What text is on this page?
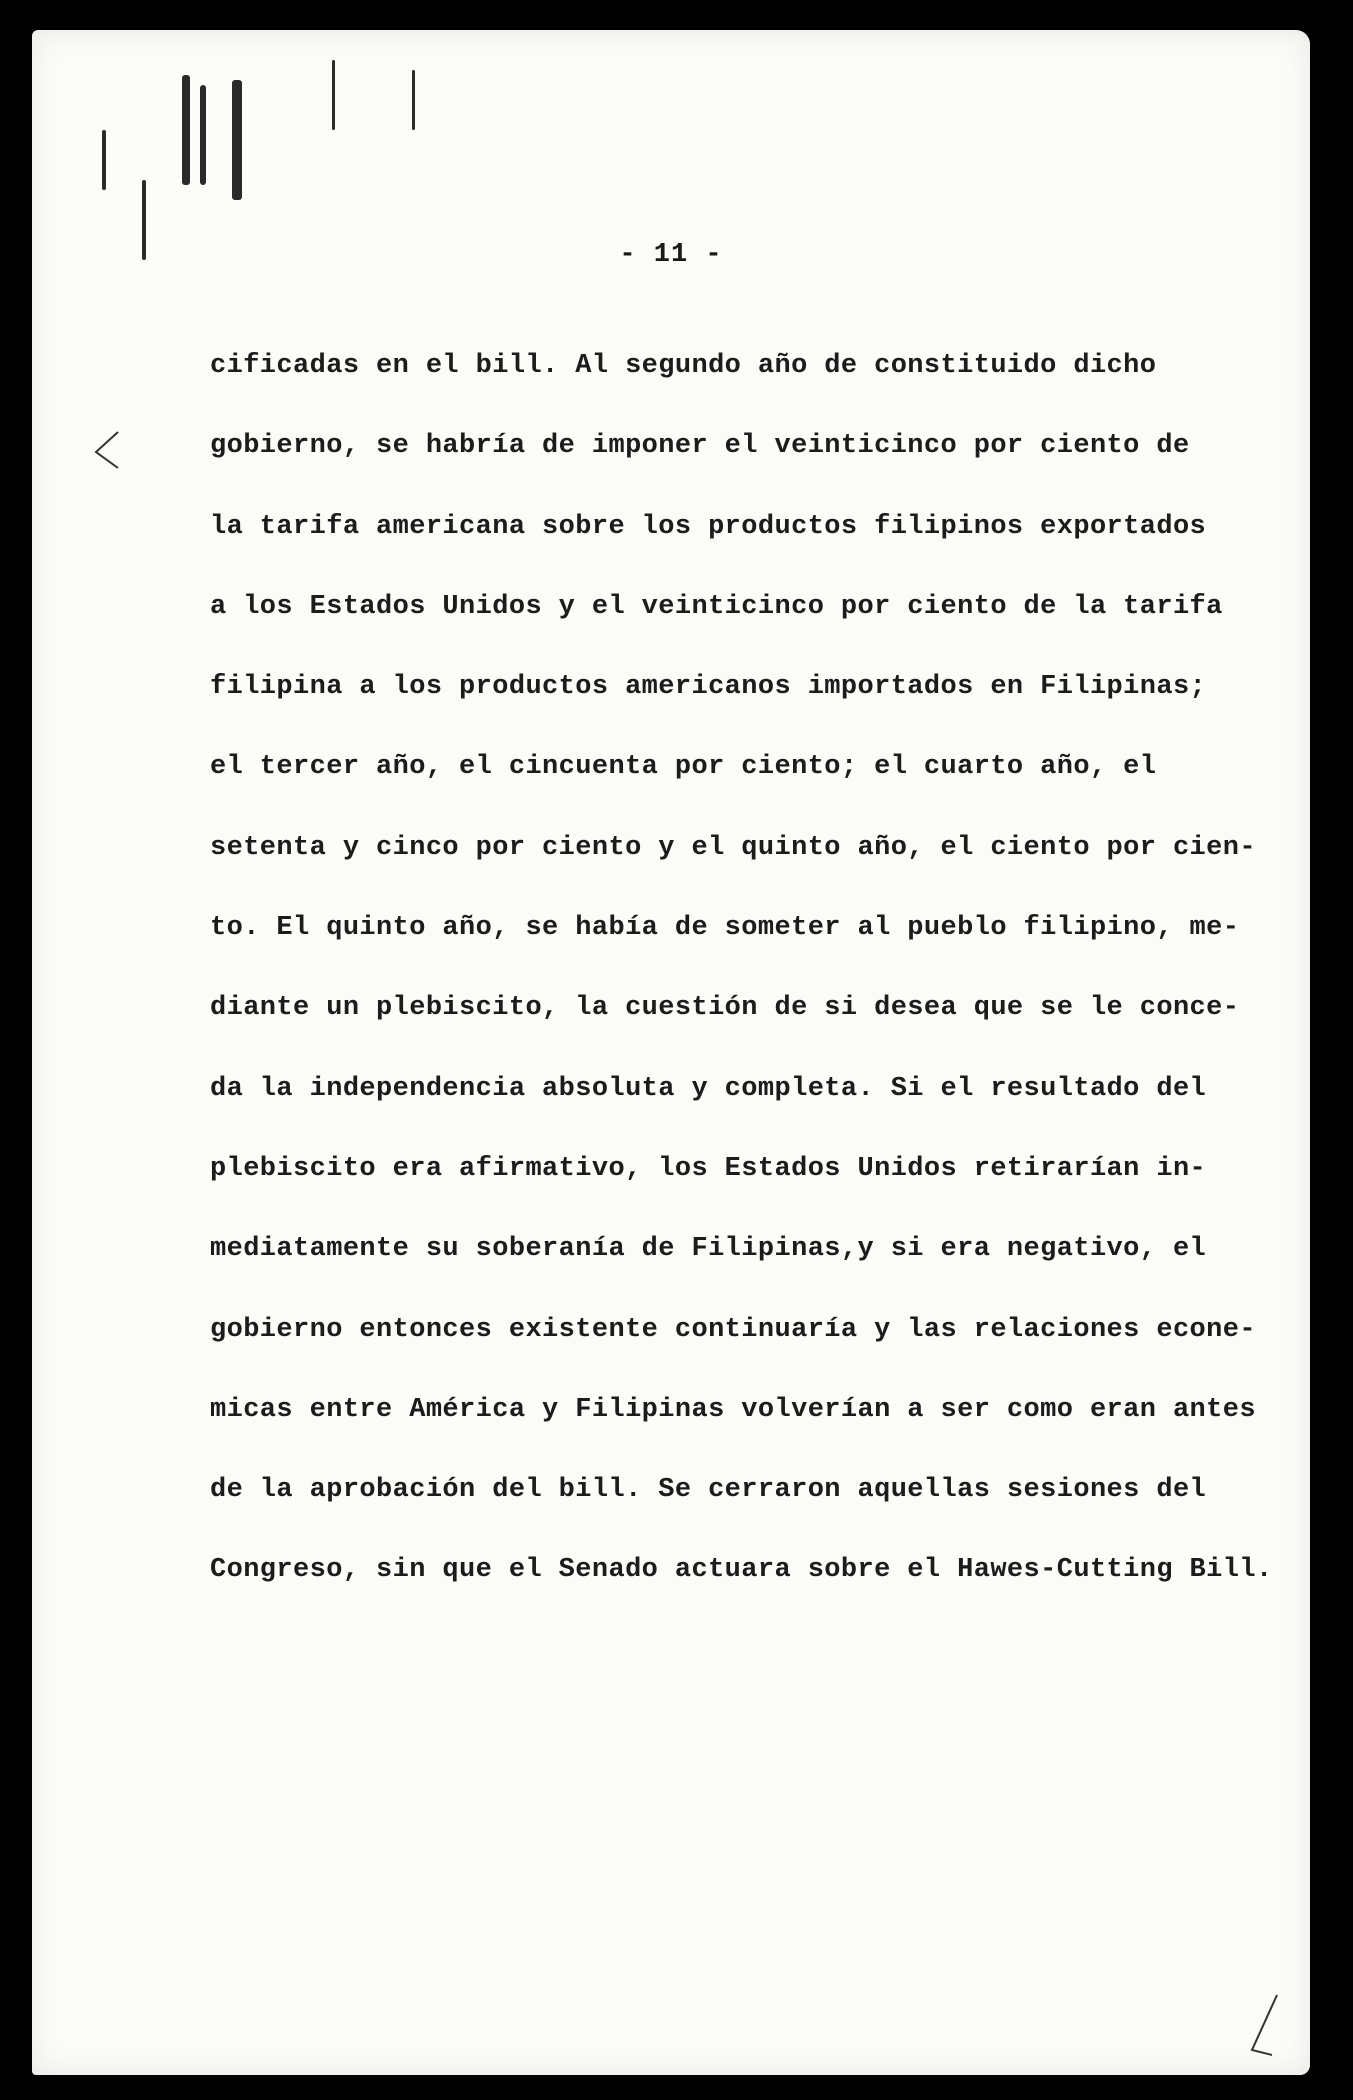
- 11 -
cificadas en el bill. Al segundo año de constituido dicho
gobierno, se habría de imponer el veinticinco por ciento de
la tarifa americana sobre los productos filipinos exportados
a los Estados Unidos y el veinticinco por ciento de la tarifa
filipina a los productos americanos importados en Filipinas;
el tercer año, el cincuenta por ciento; el cuarto año, el
setenta y cinco por ciento y el quinto año, el ciento por cien-
to. El quinto año, se había de someter al pueblo filipino, me-
diante un plebiscito, la cuestión de si desea que se le conce-
da la independencia absoluta y completa. Si el resultado del
plebiscito era afirmativo, los Estados Unidos retirarían in-
mediatamente su soberanía de Filipinas,y si era negativo, el
gobierno entonces existente continuaría y las relaciones econe-
micas entre América y Filipinas volverían a ser como eran antes
de la aprobación del bill. Se cerraron aquellas sesiones del
Congreso, sin que el Senado actuara sobre el Hawes-Cutting Bill.
